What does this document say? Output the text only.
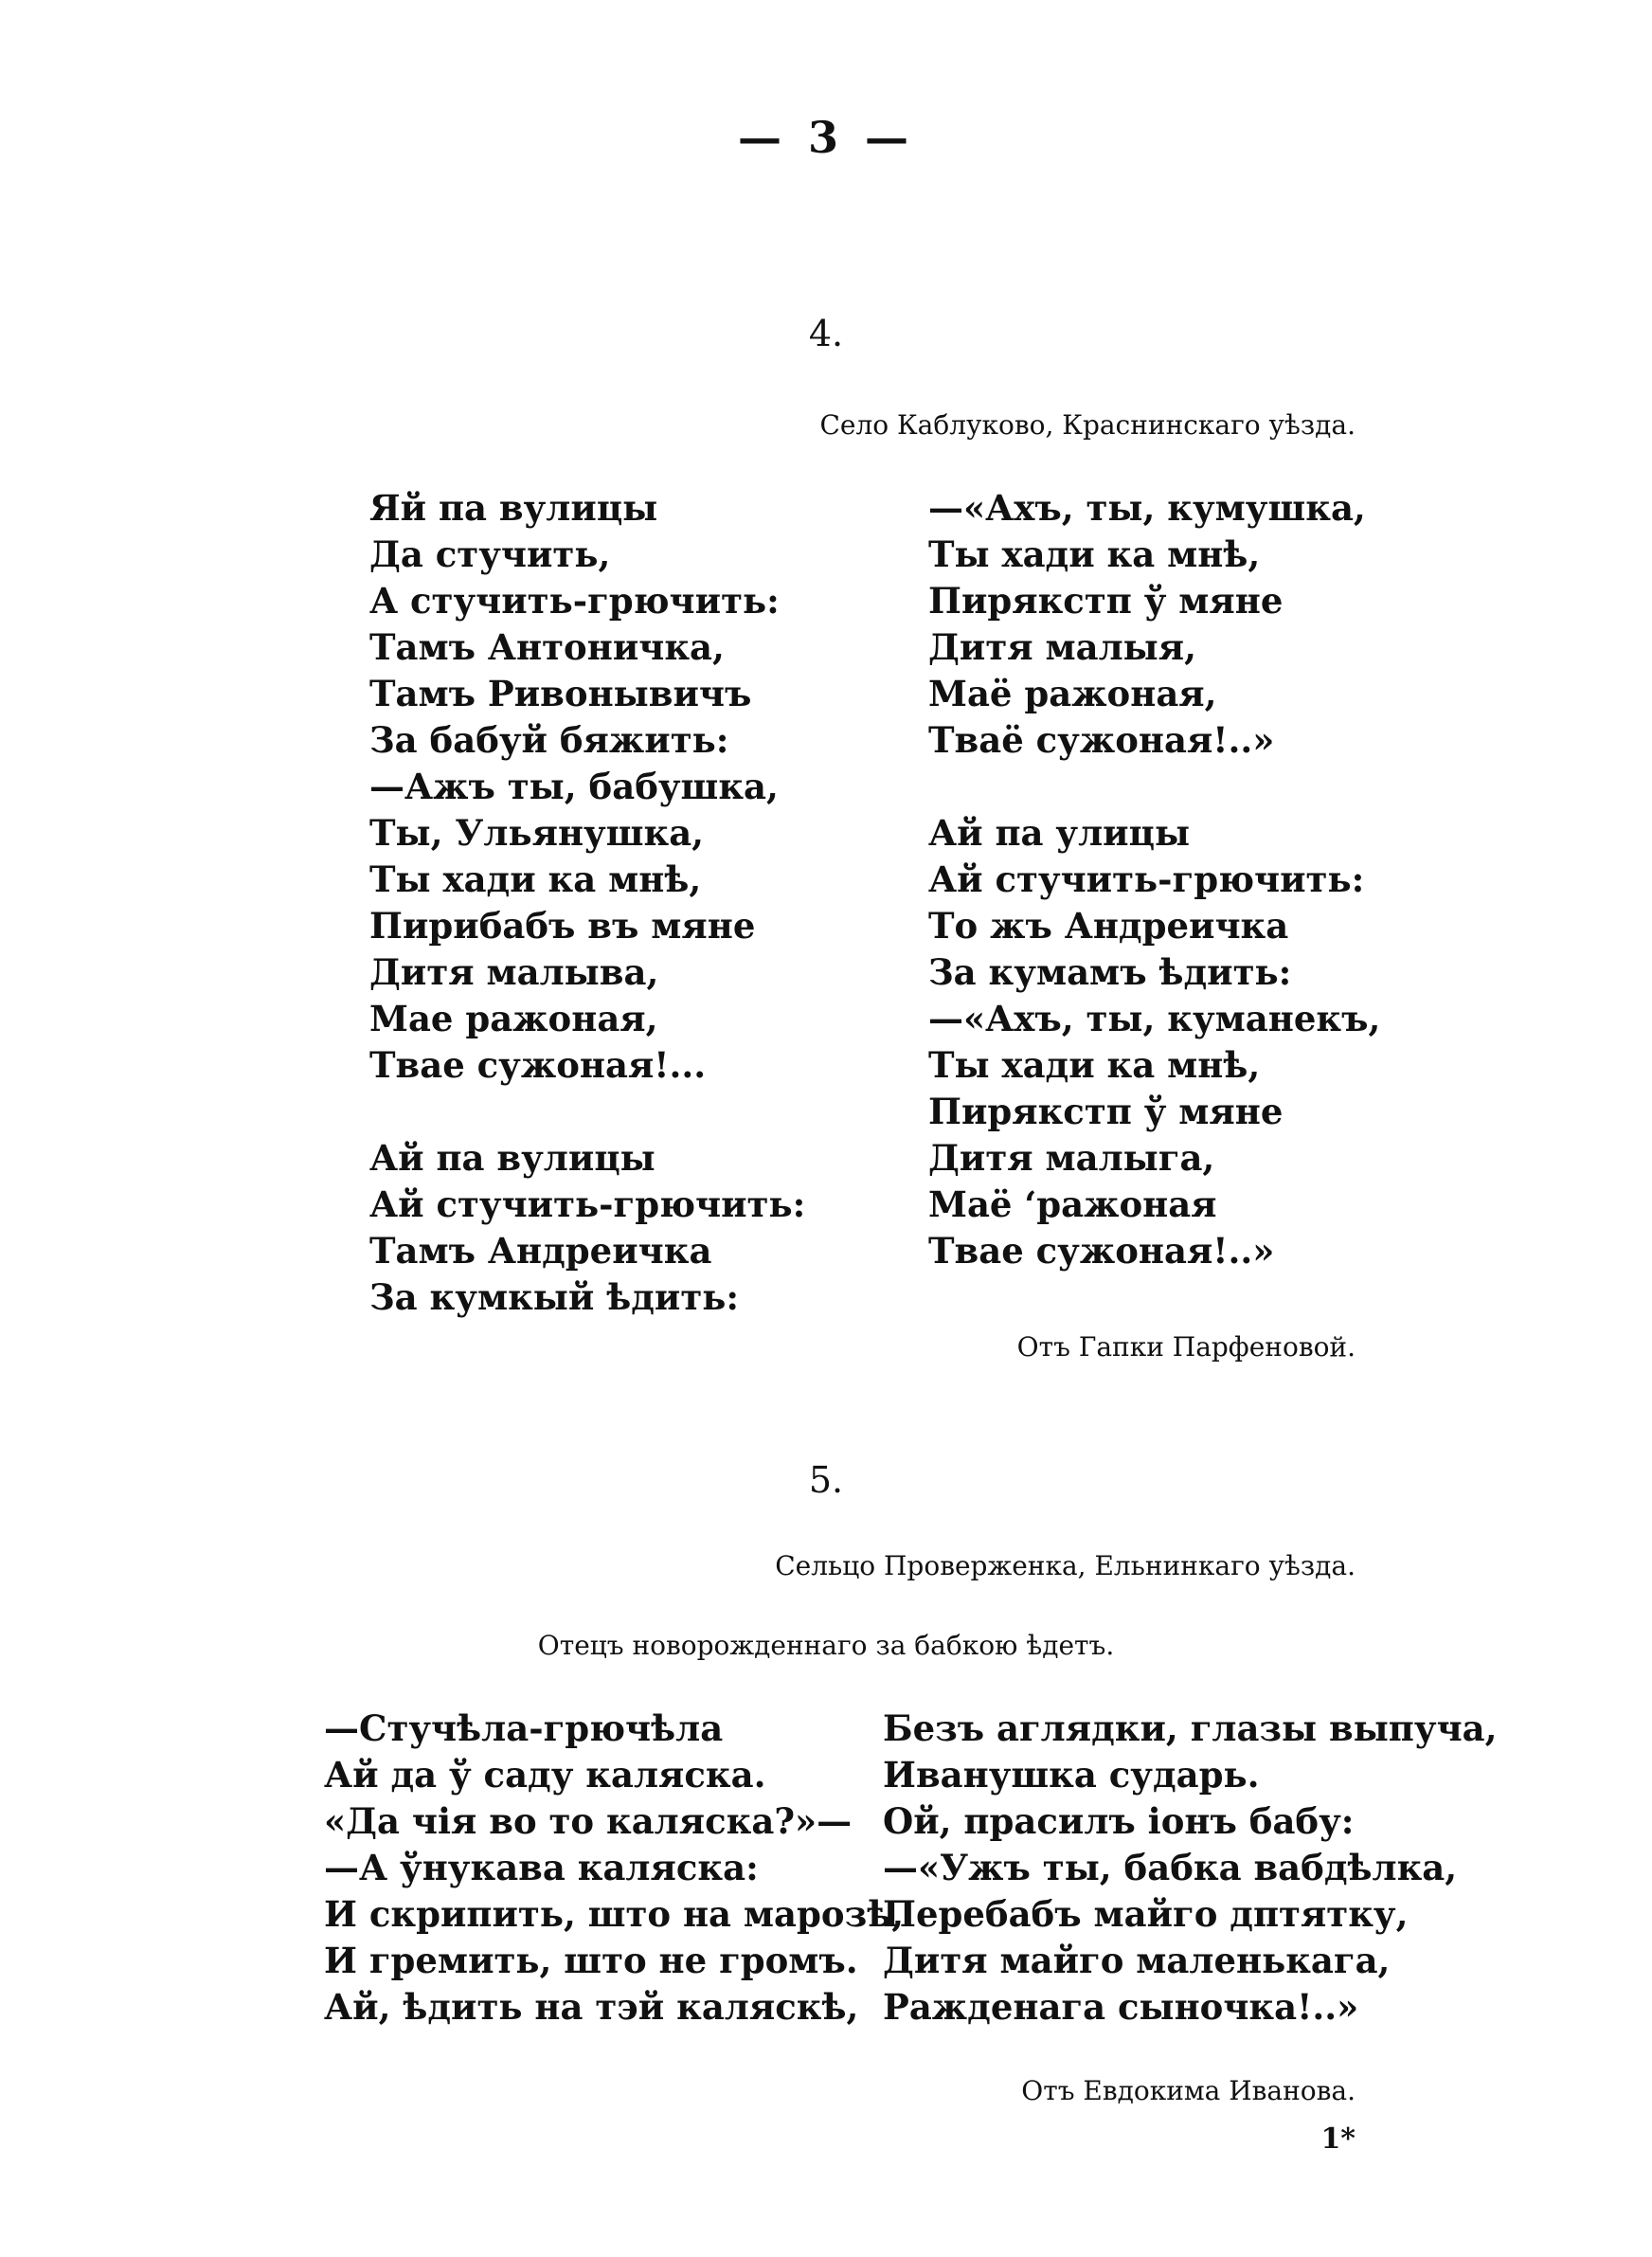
— 3 —
4.
Село Каблуково, Краснинскаго уѣзда.
Яй па вулицы
Да стучить,
А стучить-грючить:
Тамъ Антоничка,
Тамъ Ривонывичъ
За бабуй бяжить:
—Ажъ ты, бабушка,
Ты, Ульянушка,
Ты хади ка мнѣ,
Пирибабъ въ мяне
Дитя малыва,
Мае ражоная,
Твае сужоная!...
Ай па вулицы
Ай стучить-грючить:
Тамъ Андреичка
За кумкый ѣдить:
—«Ахъ, ты, кумушка,
Ты хади ка мнѣ,
Пирякстп ў мяне
Дитя малыя,
Маё ражоная,
Тваё сужоная!..»
Ай па улицы
Ай стучить-грючить:
То жъ Андреичка
За кумамъ ѣдить:
—«Ахъ, ты, куманекъ,
Ты хади ка мнѣ,
Пирякстп ў мяне
Дитя малыга,
Маё ʻражоная
Твае сужоная!..»
Отъ Гапки Парфеновой.
5.
Сельцо Проверженка, Ельнинкаго уѣзда.
Отецъ новорожденнаго за бабкою ѣдетъ.
—Стучѣла-грючѣла
Ай да ў саду каляска.
«Да чія во то каляска?»—
—А ўнукава каляска:
И скрипить, што на марозѣ,
И гремить, што не громъ.
Ай, ѣдить на тэй каляскѣ,
Безъ аглядки, глазы выпуча,
Иванушка сударь.
Ой, прасилъ іонъ бабу:
—«Ужъ ты, бабка вабдѣлка,
Перебабъ майго дптятку,
Дитя майго маленькага,
Ражденага сыночка!..»
Отъ Евдокима Иванова.
1*
